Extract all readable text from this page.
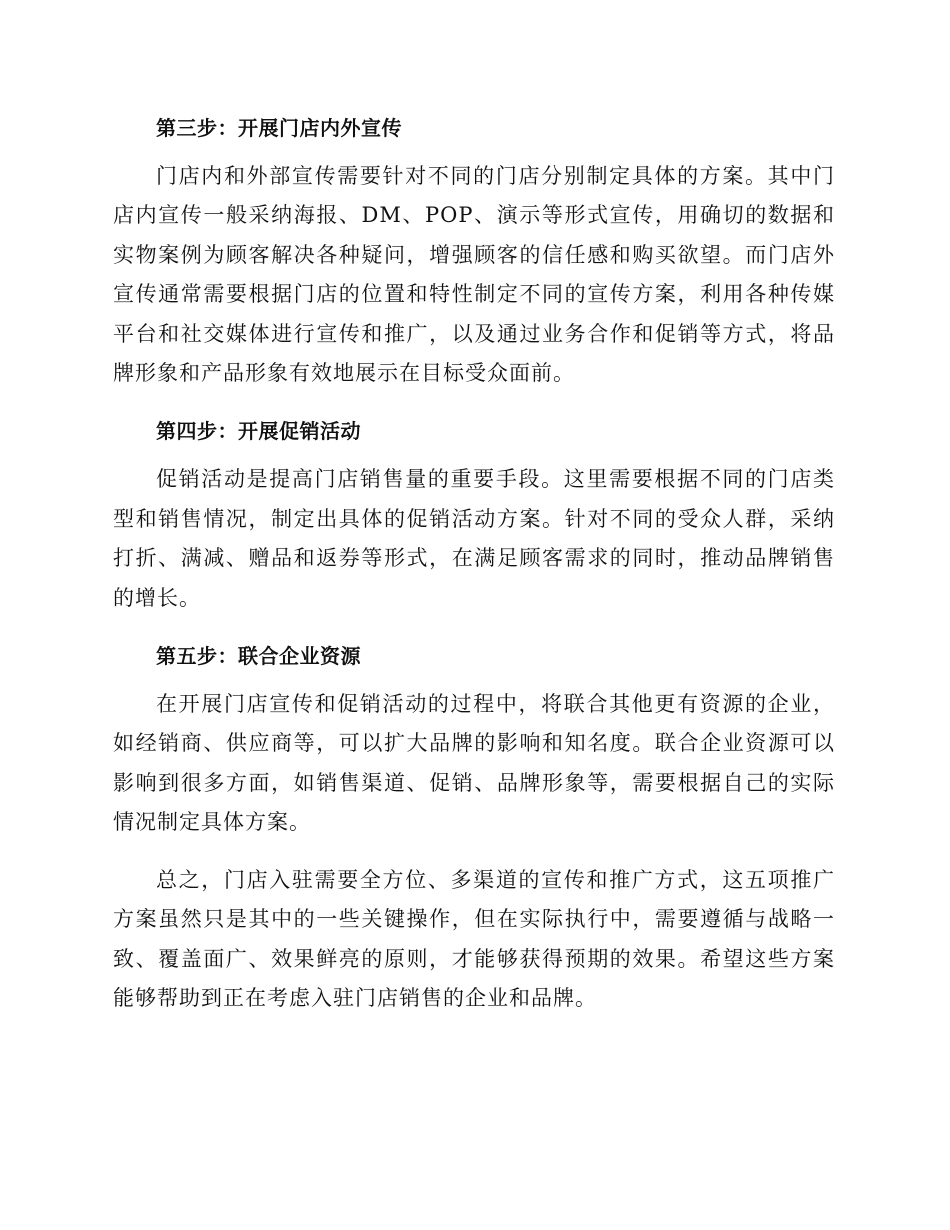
第三步：开展门店内外宣传

门店内和外部宣传需要针对不同的门店分别制定具体的方案。其中门店内宣传一般采纳海报、DM、POP、演示等形式宣传，用确切的数据和实物案例为顾客解决各种疑问，增强顾客的信任感和购买欲望。而门店外宣传通常需要根据门店的位置和特性制定不同的宣传方案，利用各种传媒平台和社交媒体进行宣传和推广，以及通过业务合作和促销等方式，将品牌形象和产品形象有效地展示在目标受众面前。

第四步：开展促销活动

促销活动是提高门店销售量的重要手段。这里需要根据不同的门店类型和销售情况，制定出具体的促销活动方案。针对不同的受众人群，采纳打折、满减、赠品和返券等形式，在满足顾客需求的同时，推动品牌销售的增长。

第五步：联合企业资源

在开展门店宣传和促销活动的过程中，将联合其他更有资源的企业，如经销商、供应商等，可以扩大品牌的影响和知名度。联合企业资源可以影响到很多方面，如销售渠道、促销、品牌形象等，需要根据自己的实际情况制定具体方案。

总之，门店入驻需要全方位、多渠道的宣传和推广方式，这五项推广方案虽然只是其中的一些关键操作，但在实际执行中，需要遵循与战略一致、覆盖面广、效果鲜亮的原则，才能够获得预期的效果。希望这些方案能够帮助到正在考虑入驻门店销售的企业和品牌。
